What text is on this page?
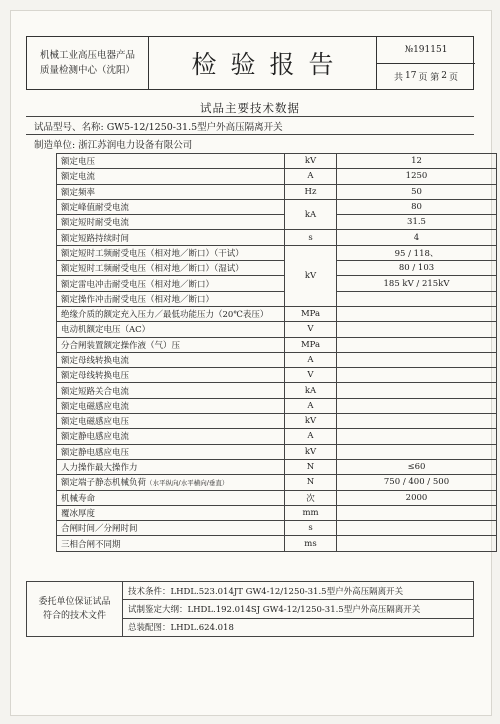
机械工业高压电器产品
质量检测中心（沈阳）	检验报告
№191151
共 17 页 第 2 页
试品主要技术数据
试品型号、名称: GW5-12/1250-31.5型户外高压隔离开关
制造单位: 浙江苏润电力设备有限公司
额定电压	kV	12
额定电流	A	1250
额定频率	Hz	50
额定峰值耐受电流	kA	80
额定短时耐受电流		31.5
额定短路持续时间	s	4
额定短时工频耐受电压（相对地／断口）（干试）	kV	95 / 118、
额定短时工频耐受电压（相对地／断口）（湿试）		80 / 103
额定雷电冲击耐受电压（相对地／断口）		185 kV / 215kV
额定操作冲击耐受电压（相对地／断口）		
绝缘介质的额定充入压力／最低功能压力（20℃表压）	MPa	
电动机额定电压（AC）	V	
分合闸装置额定操作液（气）压	MPa	
额定母线转换电流	A	
额定母线转换电压	V	
额定短路关合电流	kA	
额定电磁感应电流	A	
额定电磁感应电压	kV	
额定静电感应电流	A	
额定静电感应电压	kV	
人力操作最大操作力	N	≤60
额定端子静态机械负荷（水平纵向/水平横向/垂直）	N	750 / 400 / 500
机械寿命	次	2000
覆冰厚度	mm	
合闸时间／分闸时间	s	
三相合闸不同期	ms	
委托单位保证试品
符合的技术文件
技术条件：LHDL.523.014JT GW4-12/1250-31.5型户外高压隔离开关
试制鉴定大纲：LHDL.192.014SJ GW4-12/1250-31.5型户外高压隔离开关
总装配图：LHDL.624.018
